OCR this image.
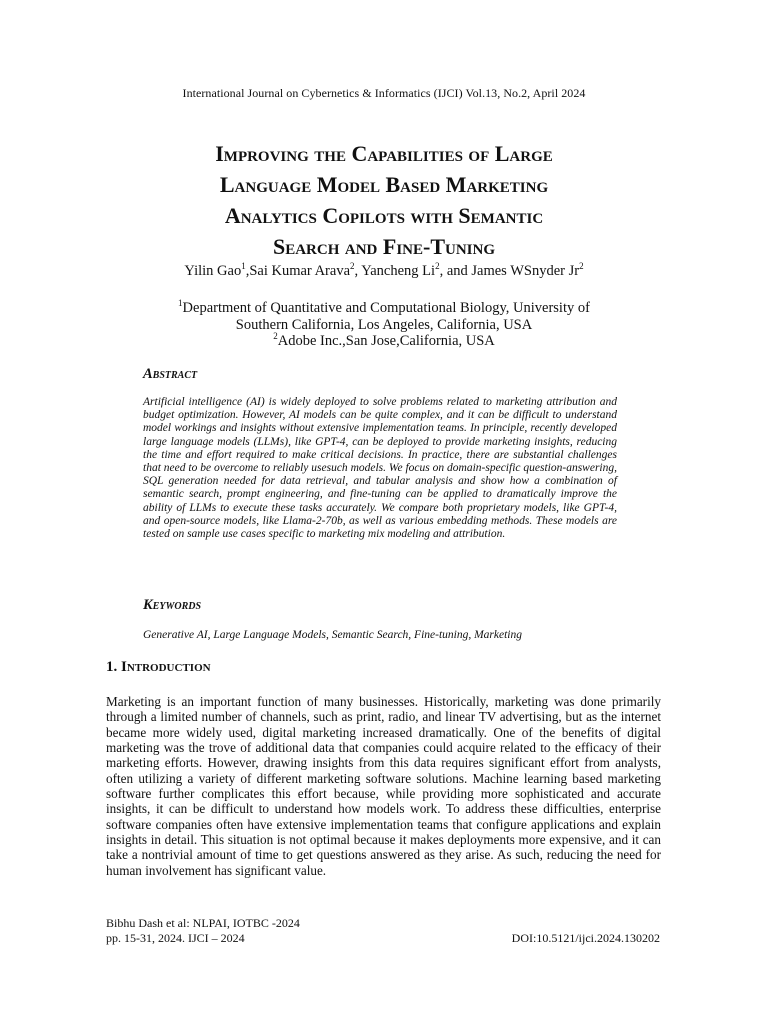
International Journal on Cybernetics & Informatics (IJCI) Vol.13, No.2, April 2024
Improving the Capabilities of Large
Language Model Based Marketing
Analytics Copilots with Semantic
Search and Fine-Tuning
Yilin Gao$^1$,Sai Kumar Arava$^2$, Yancheng Li$^2$, and James WSnyder Jr$^2$
$^1$Department of Quantitative and Computational Biology, University of
Southern California, Los Angeles, California, USA
$^2$Adobe Inc.,San Jose,California, USA
Abstract

Artificial intelligence (AI) is widely deployed to solve problems related to marketing attribution and budget optimization. However, AI models can be quite complex, and it can be difficult to understand model workings and insights without extensive implementation teams. In principle, recently developed large language models (LLMs), like GPT-4, can be deployed to provide marketing insights, reducing the time and effort required to make critical decisions. In practice, there are substantial challenges that need to be overcome to reliably usesuch models. We focus on domain-specific question-answering, SQL generation needed for data retrieval, and tabular analysis and show how a combination of semantic search, prompt engineering, and fine-tuning can be applied to dramatically improve the ability of LLMs to execute these tasks accurately. We compare both proprietary models, like GPT-4, and open-source models, like Llama-2-70b, as well as various embedding methods. These models are tested on sample use cases specific to marketing mix modeling and attribution.

Keywords

Generative AI, Large Language Models, Semantic Search, Fine-tuning, Marketing

1. Introduction

Marketing is an important function of many businesses. Historically, marketing was done primarily through a limited number of channels, such as print, radio, and linear TV advertising, but as the internet became more widely used, digital marketing increased dramatically. One of the benefits of digital marketing was the trove of additional data that companies could acquire related to the efficacy of their marketing efforts. However, drawing insights from this data requires significant effort from analysts, often utilizing a variety of different marketing software solutions. Machine learning based marketing software further complicates this effort because, while providing more sophisticated and accurate insights, it can be difficult to understand how models work. To address these difficulties, enterprise software companies often have extensive implementation teams that configure applications and explain insights in detail. This situation is not optimal because it makes deployments more expensive, and it can take a nontrivial amount of time to get questions answered as they arise. As such, reducing the need for human involvement has significant value.

Bibhu Dash et al: NLPAI, IOTBC -2024
pp. 15-31, 2024. IJCI – 2024	DOI:10.5121/ijci.2024.130202
